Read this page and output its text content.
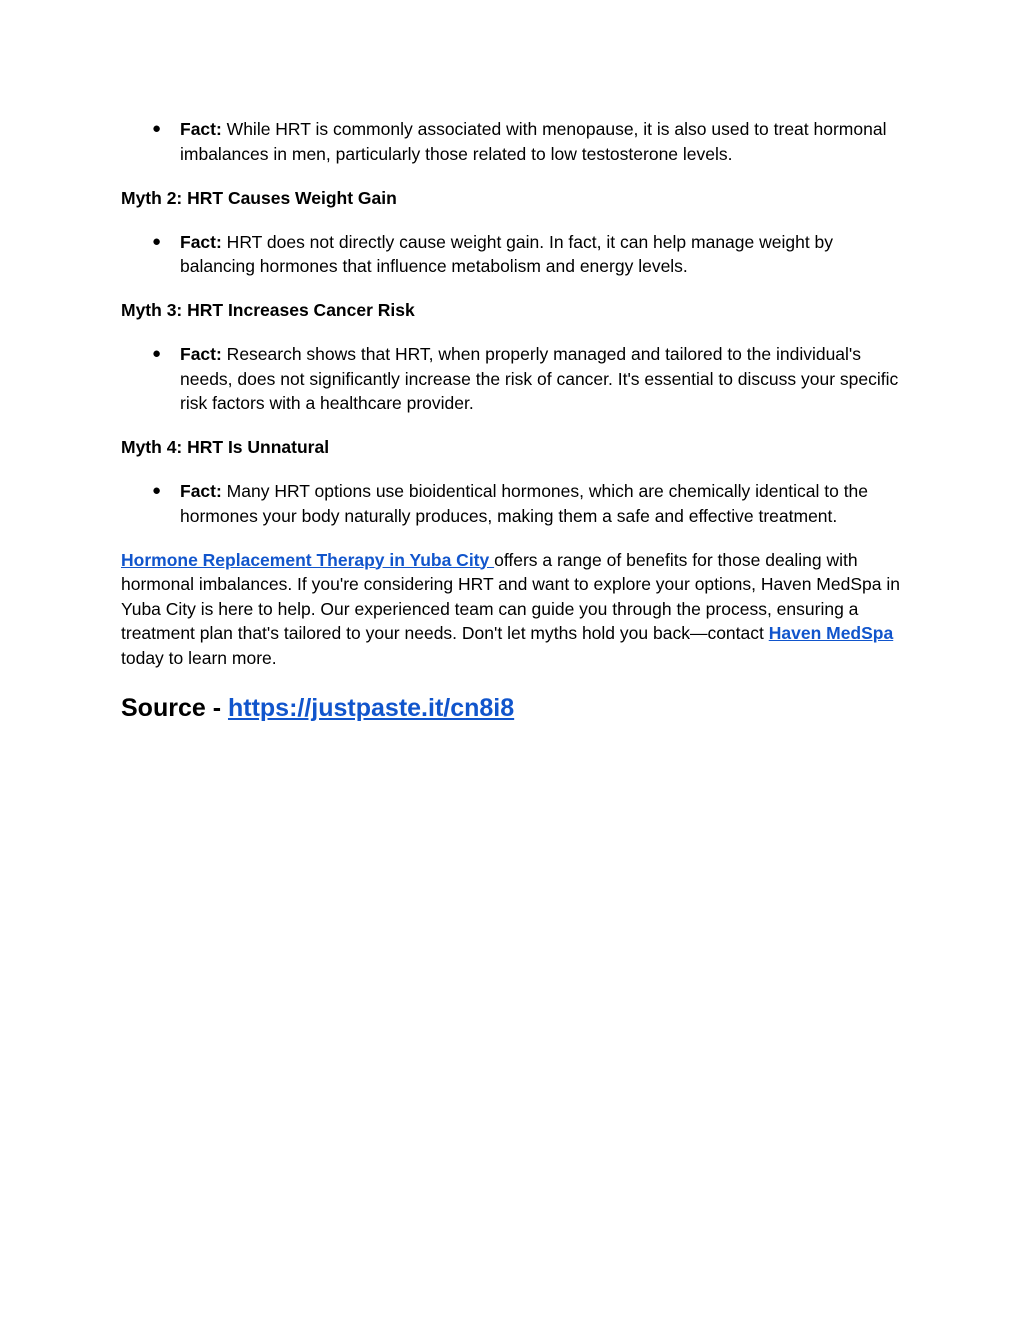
● Fact: While HRT is commonly associated with menopause, it is also used to treat hormonal imbalances in men, particularly those related to low testosterone levels.
Myth 2: HRT Causes Weight Gain
● Fact: HRT does not directly cause weight gain. In fact, it can help manage weight by balancing hormones that influence metabolism and energy levels.
Myth 3: HRT Increases Cancer Risk
● Fact: Research shows that HRT, when properly managed and tailored to the individual's needs, does not significantly increase the risk of cancer. It's essential to discuss your specific risk factors with a healthcare provider.
Myth 4: HRT Is Unnatural
● Fact: Many HRT options use bioidentical hormones, which are chemically identical to the hormones your body naturally produces, making them a safe and effective treatment.

Hormone Replacement Therapy in Yuba City offers a range of benefits for those dealing with hormonal imbalances. If you're considering HRT and want to explore your options, Haven MedSpa in Yuba City is here to help. Our experienced team can guide you through the process, ensuring a treatment plan that's tailored to your needs. Don't let myths hold you back—contact Haven MedSpa today to learn more.

Source - https://justpaste.it/cn8i8
